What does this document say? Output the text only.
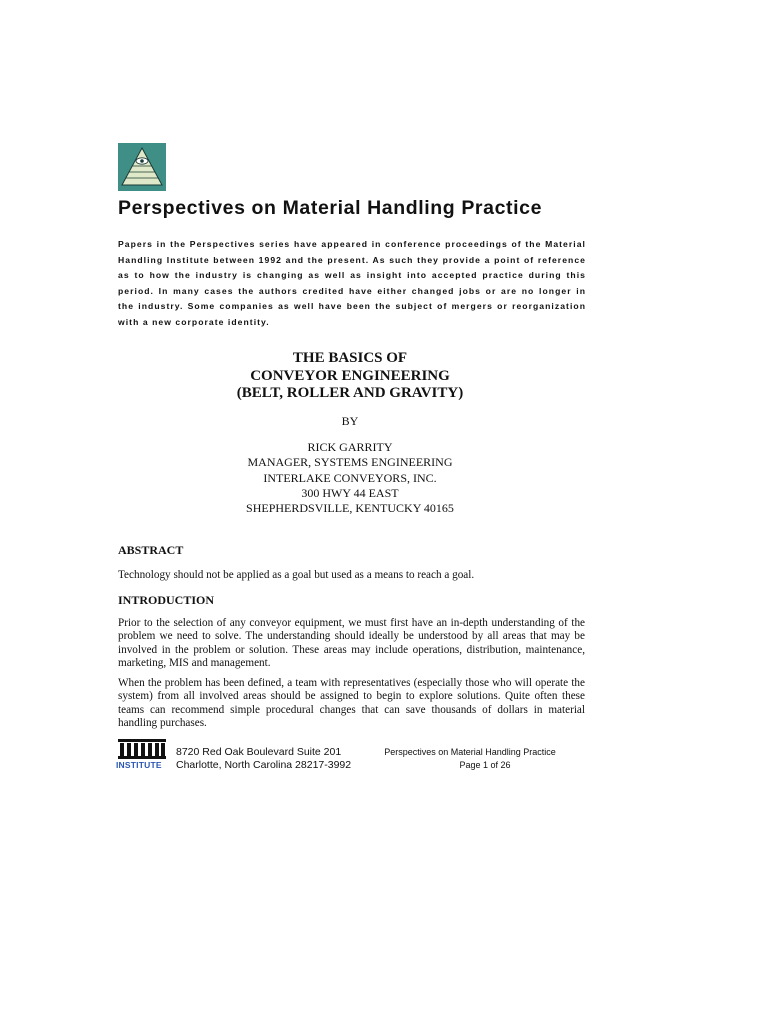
Perspectives on Material Handling Practice
Papers in the Perspectives series have appeared in conference proceedings of the Material Handling Institute between 1992 and the present. As such they provide a point of reference as to how the industry is changing as well as insight into accepted practice during this period. In many cases the authors credited have either changed jobs or are no longer in the industry. Some companies as well have been the subject of mergers or reorganization with a new corporate identity.
THE BASICS OF
CONVEYOR ENGINEERING
(BELT, ROLLER AND GRAVITY)
BY
RICK GARRITY
MANAGER, SYSTEMS ENGINEERING
INTERLAKE CONVEYORS, INC.
300 HWY 44 EAST
SHEPHERDSVILLE, KENTUCKY 40165
ABSTRACT
Technology should not be applied as a goal but used as a means to reach a goal.
INTRODUCTION
Prior to the selection of any conveyor equipment, we must first have an in-depth understanding of the problem we need to solve. The understanding should ideally be understood by all areas that may be involved in the problem or solution. These areas may include operations, distribution, maintenance, marketing, MIS and management.
When the problem has been defined, a team with representatives (especially those who will operate the system) from all involved areas should be assigned to begin to explore solutions. Quite often these teams can recommend simple procedural changes that can save thousands of dollars in material handling purchases.
INSTITUTE
8720 Red Oak Boulevard Suite 201
Charlotte, North Carolina 28217-3992
Perspectives on Material Handling Practice
Page 1 of 26
